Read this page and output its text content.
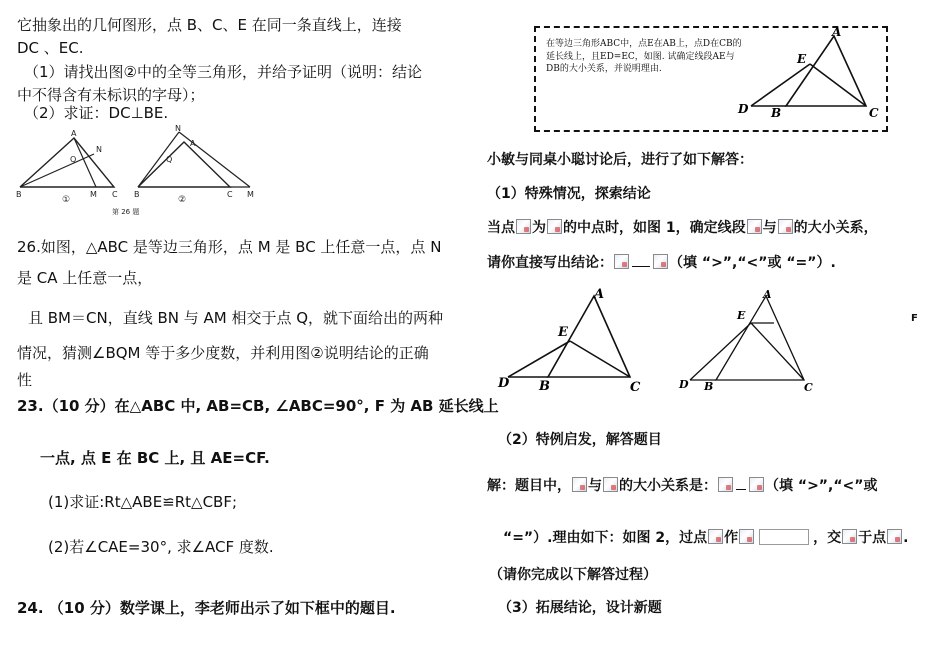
它抽象出的几何图形，点 B、C、E 在同一条直线上，连接
DC 、EC.
（1）请找出图②中的全等三角形，并给予证明（说明：结论
中不得含有未标识的字母）；
（2）求证：DC⊥BE.
A
N
Q
B	M C
N
A
Q
B	C M
①	②
第 26 题
26.如图，△ABC 是等边三角形，点 M 是 BC 上任意一点，点 N
是 CA 上任意一点，
且 BM＝CN，直线 BN 与 AM 相交于点 Q，就下面给出的两种
情况，猜测∠BQM 等于多少度数，并利用图②说明结论的正确
性
23.（10 分）在△ABC 中, AB=CB, ∠ABC=90°, F 为 AB 延长线上
一点, 点 E 在 BC 上, 且 AE=CF.
(1)求证:Rt△ABE≌Rt△CBF;
(2)若∠CAE=30°, 求∠ACF 度数.
24. （10 分）数学课上，李老师出示了如下框中的题目.
在等边三角形ABC中，点E在AB上，点D在CB的延长线上，且ED=EC，如图. 试确定线段AE与DB的大小关系，并说明理由.
A
E
D B	C
小敏与同桌小聪讨论后，进行了如下解答：
（1）特殊情况，探索结论
当点 为 的中点时，如图 1，确定线段 与 的大小关系，
请你直接写出结论：	（填 “>”,“<”或 “=”）.
A
E
D B	C
A
E
D B	C
F
（2）特例启发，解答题目
解：题目中， 与 的大小关系是：	（填 “>”,“<”或
“=”）.理由如下：如图 2，过点 作	，交 于点 .
（请你完成以下解答过程）
（3）拓展结论，设计新题
